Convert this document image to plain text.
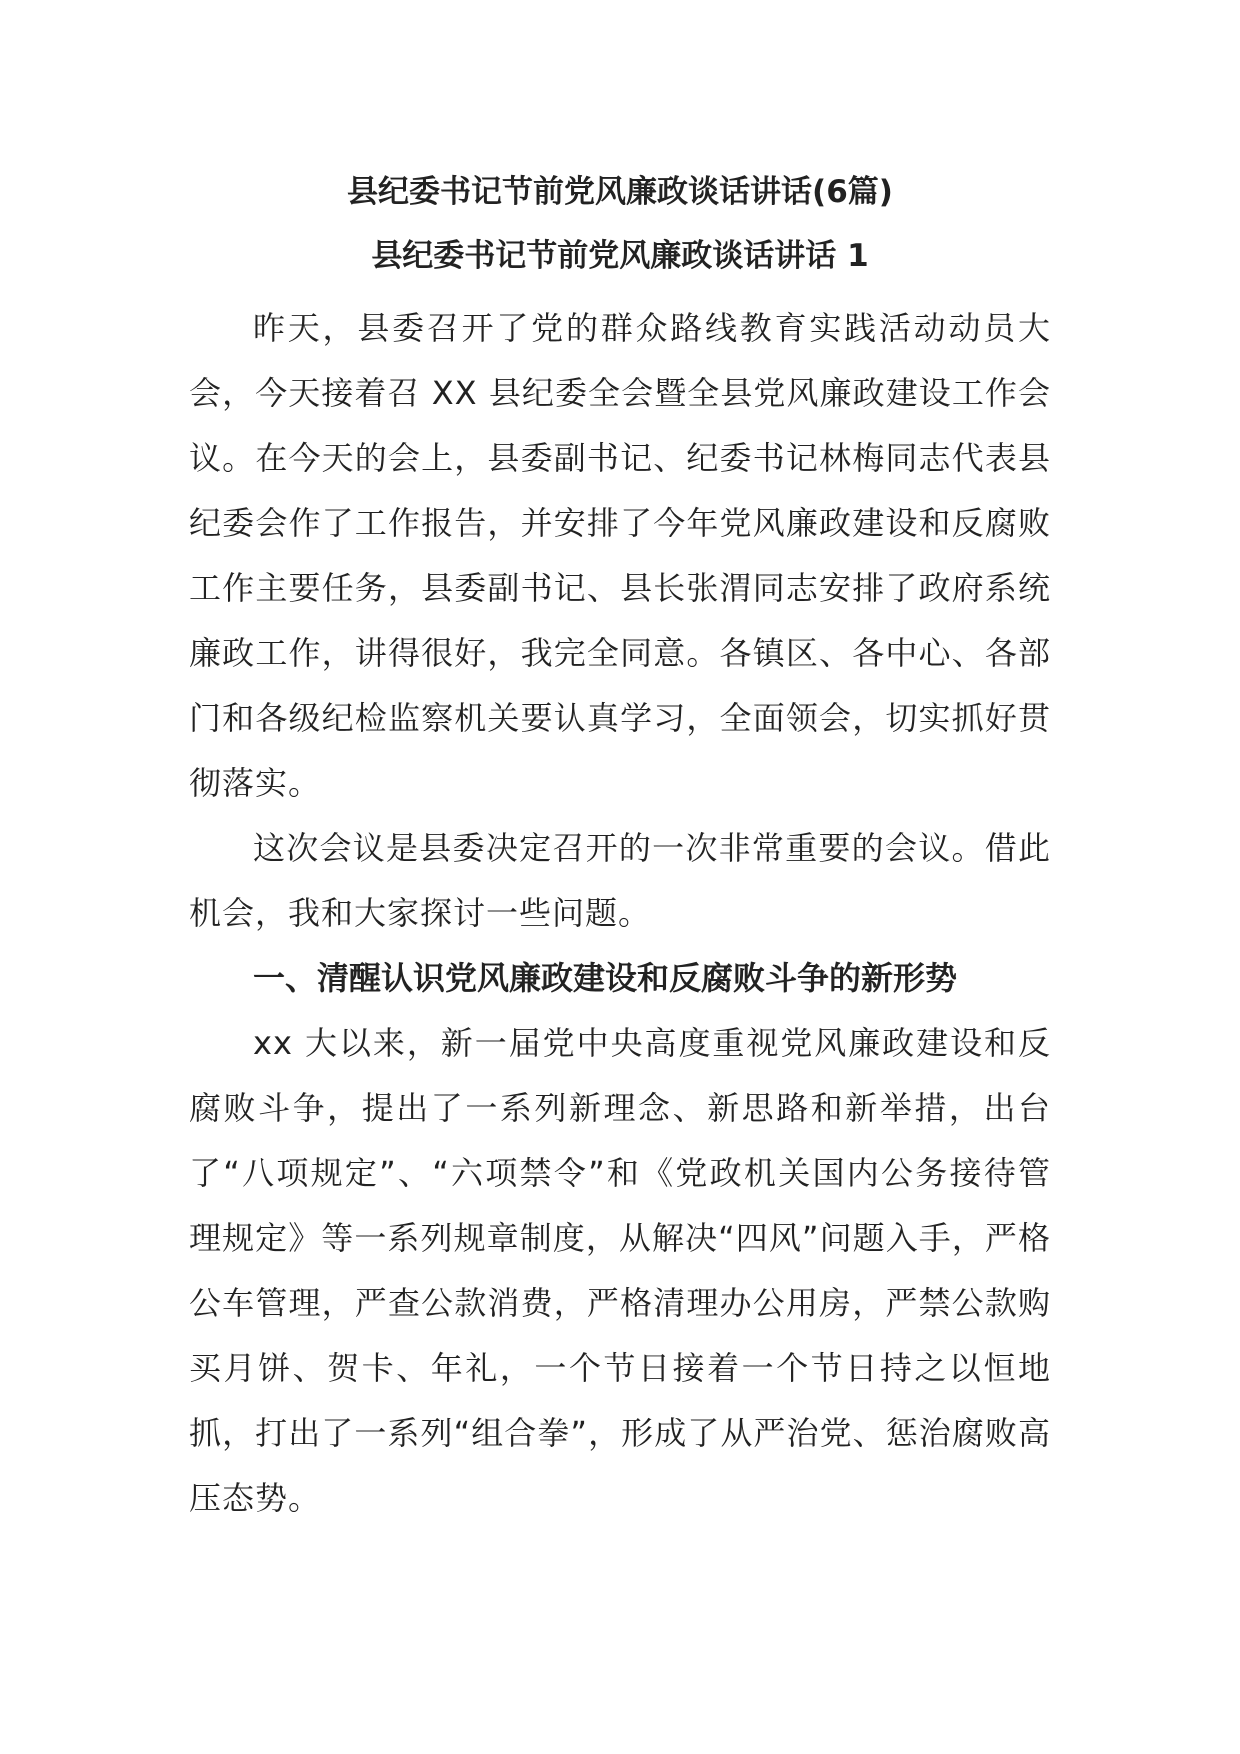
县纪委书记节前党风廉政谈话讲话(6篇)
县纪委书记节前党风廉政谈话讲话 1

昨天，县委召开了党的群众路线教育实践活动动员大会，今天接着召 XX 县纪委全会暨全县党风廉政建设工作会议。在今天的会上，县委副书记、纪委书记林梅同志代表县纪委会作了工作报告，并安排了今年党风廉政建设和反腐败工作主要任务，县委副书记、县长张渭同志安排了政府系统廉政工作，讲得很好，我完全同意。各镇区、各中心、各部门和各级纪检监察机关要认真学习，全面领会，切实抓好贯彻落实。

这次会议是县委决定召开的一次非常重要的会议。借此机会，我和大家探讨一些问题。

一、清醒认识党风廉政建设和反腐败斗争的新形势

xx 大以来，新一届党中央高度重视党风廉政建设和反腐败斗争，提出了一系列新理念、新思路和新举措，出台了“八项规定”、“六项禁令”和《党政机关国内公务接待管理规定》等一系列规章制度，从解决“四风”问题入手，严格公车管理，严查公款消费，严格清理办公用房，严禁公款购买月饼、贺卡、年礼，一个节日接着一个节日持之以恒地抓，打出了一系列“组合拳”，形成了从严治党、惩治腐败高压态势。
